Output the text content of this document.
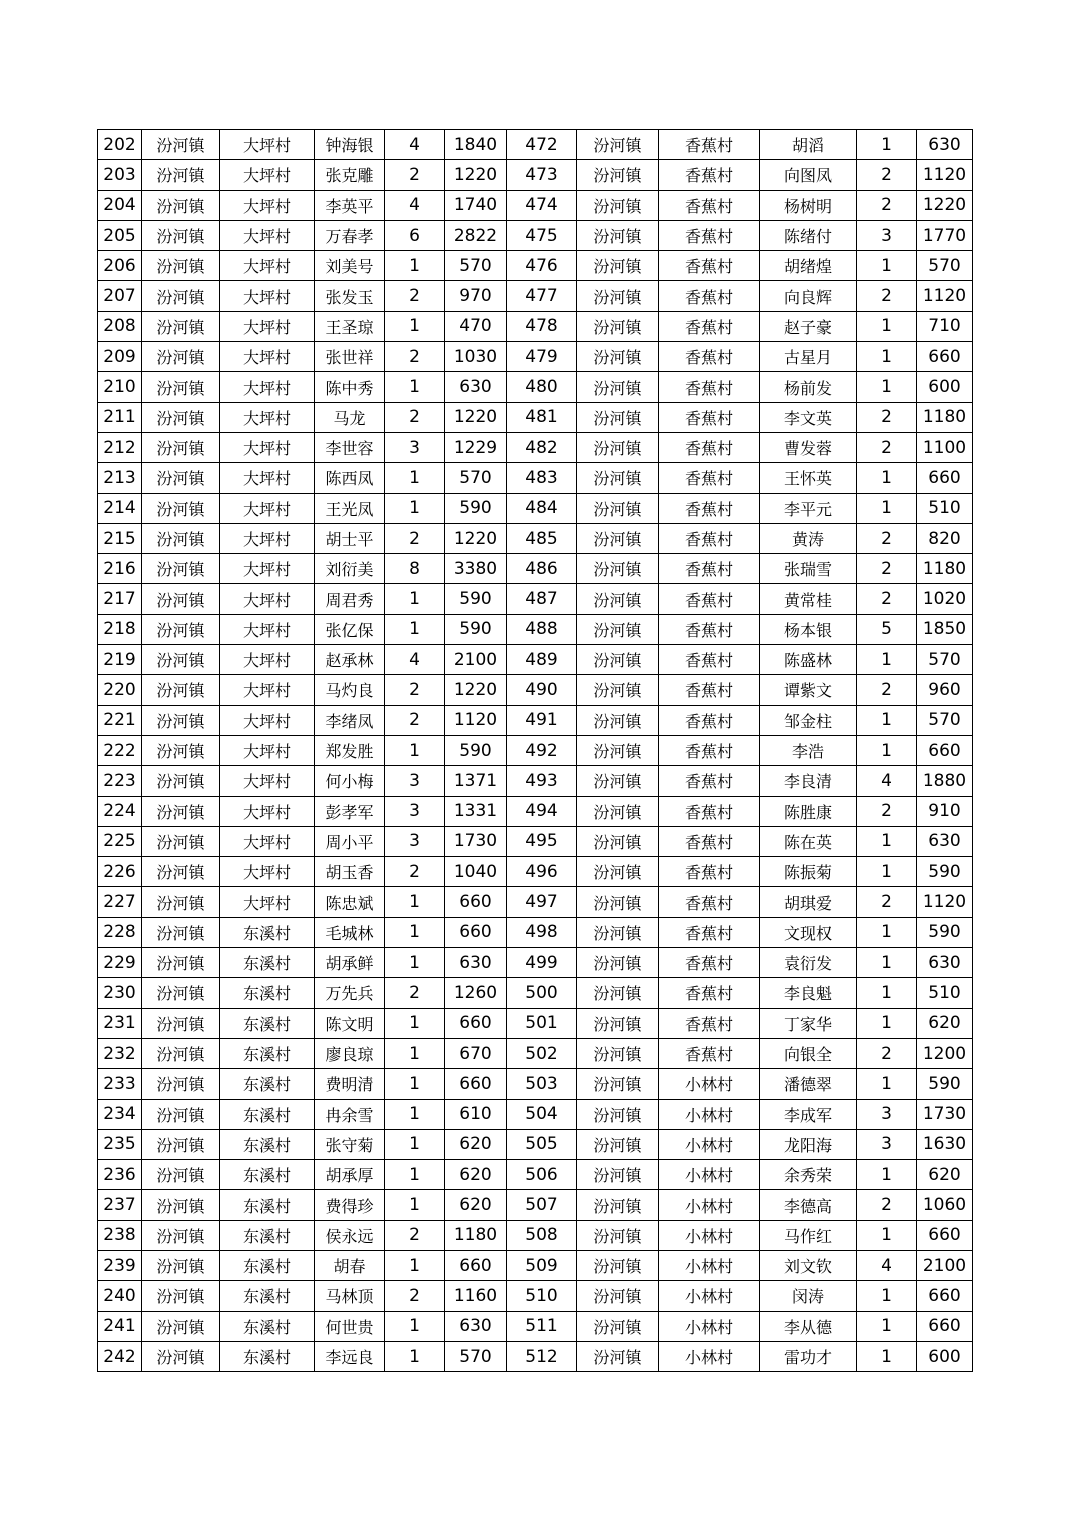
202	汾河镇	大坪村	钟海银	4	1840	472	汾河镇	香蕉村	胡滔	1	630
203	汾河镇	大坪村	张克雕	2	1220	473	汾河镇	香蕉村	向图凤	2	1120
204	汾河镇	大坪村	李英平	4	1740	474	汾河镇	香蕉村	杨树明	2	1220
205	汾河镇	大坪村	万春孝	6	2822	475	汾河镇	香蕉村	陈绪付	3	1770
206	汾河镇	大坪村	刘美号	1	570	476	汾河镇	香蕉村	胡绪煌	1	570
207	汾河镇	大坪村	张发玉	2	970	477	汾河镇	香蕉村	向良辉	2	1120
208	汾河镇	大坪村	王圣琼	1	470	478	汾河镇	香蕉村	赵子豪	1	710
209	汾河镇	大坪村	张世祥	2	1030	479	汾河镇	香蕉村	古星月	1	660
210	汾河镇	大坪村	陈中秀	1	630	480	汾河镇	香蕉村	杨前发	1	600
211	汾河镇	大坪村	马龙	2	1220	481	汾河镇	香蕉村	李文英	2	1180
212	汾河镇	大坪村	李世容	3	1229	482	汾河镇	香蕉村	曹发蓉	2	1100
213	汾河镇	大坪村	陈西凤	1	570	483	汾河镇	香蕉村	王怀英	1	660
214	汾河镇	大坪村	王光凤	1	590	484	汾河镇	香蕉村	李平元	1	510
215	汾河镇	大坪村	胡士平	2	1220	485	汾河镇	香蕉村	黄涛	2	820
216	汾河镇	大坪村	刘衍美	8	3380	486	汾河镇	香蕉村	张瑞雪	2	1180
217	汾河镇	大坪村	周君秀	1	590	487	汾河镇	香蕉村	黄常桂	2	1020
218	汾河镇	大坪村	张亿保	1	590	488	汾河镇	香蕉村	杨本银	5	1850
219	汾河镇	大坪村	赵承林	4	2100	489	汾河镇	香蕉村	陈盛林	1	570
220	汾河镇	大坪村	马灼良	2	1220	490	汾河镇	香蕉村	谭紫文	2	960
221	汾河镇	大坪村	李绪凤	2	1120	491	汾河镇	香蕉村	邹金柱	1	570
222	汾河镇	大坪村	郑发胜	1	590	492	汾河镇	香蕉村	李浩	1	660
223	汾河镇	大坪村	何小梅	3	1371	493	汾河镇	香蕉村	李良清	4	1880
224	汾河镇	大坪村	彭孝军	3	1331	494	汾河镇	香蕉村	陈胜康	2	910
225	汾河镇	大坪村	周小平	3	1730	495	汾河镇	香蕉村	陈在英	1	630
226	汾河镇	大坪村	胡玉香	2	1040	496	汾河镇	香蕉村	陈振菊	1	590
227	汾河镇	大坪村	陈忠斌	1	660	497	汾河镇	香蕉村	胡琪爱	2	1120
228	汾河镇	东溪村	毛城林	1	660	498	汾河镇	香蕉村	文现权	1	590
229	汾河镇	东溪村	胡承鲜	1	630	499	汾河镇	香蕉村	袁衍发	1	630
230	汾河镇	东溪村	万先兵	2	1260	500	汾河镇	香蕉村	李良魁	1	510
231	汾河镇	东溪村	陈文明	1	660	501	汾河镇	香蕉村	丁家华	1	620
232	汾河镇	东溪村	廖良琼	1	670	502	汾河镇	香蕉村	向银全	2	1200
233	汾河镇	东溪村	费明清	1	660	503	汾河镇	小林村	潘德翠	1	590
234	汾河镇	东溪村	冉余雪	1	610	504	汾河镇	小林村	李成军	3	1730
235	汾河镇	东溪村	张守菊	1	620	505	汾河镇	小林村	龙阳海	3	1630
236	汾河镇	东溪村	胡承厚	1	620	506	汾河镇	小林村	余秀荣	1	620
237	汾河镇	东溪村	费得珍	1	620	507	汾河镇	小林村	李德高	2	1060
238	汾河镇	东溪村	侯永远	2	1180	508	汾河镇	小林村	马作红	1	660
239	汾河镇	东溪村	胡春	1	660	509	汾河镇	小林村	刘文钦	4	2100
240	汾河镇	东溪村	马林顶	2	1160	510	汾河镇	小林村	闵涛	1	660
241	汾河镇	东溪村	何世贵	1	630	511	汾河镇	小林村	李从德	1	660
242	汾河镇	东溪村	李远良	1	570	512	汾河镇	小林村	雷功才	1	600
